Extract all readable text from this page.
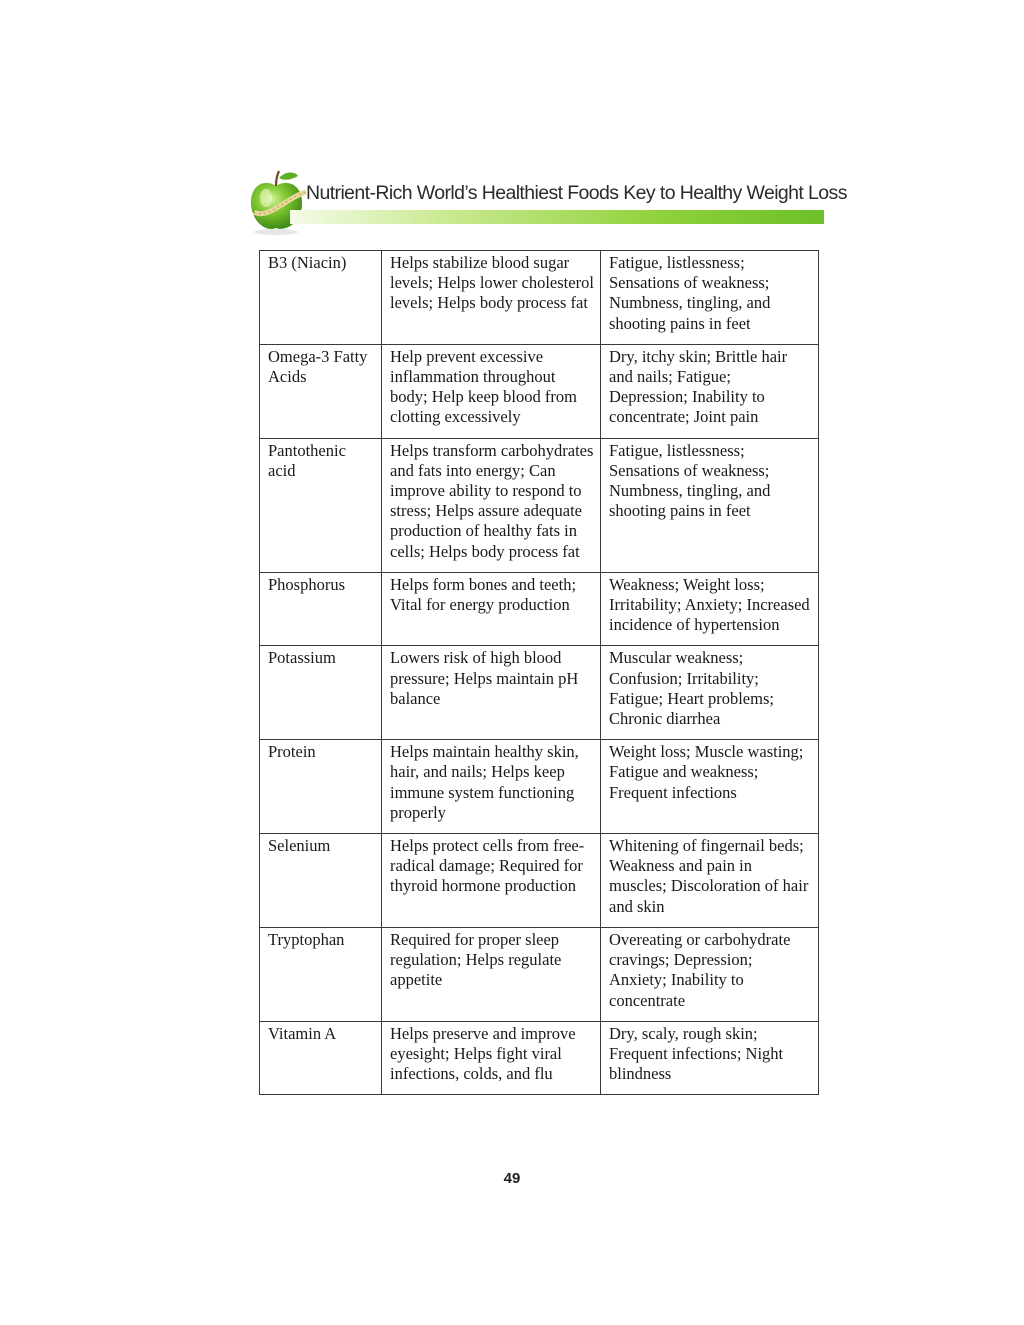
Nutrient-Rich World’s Healthiest Foods Key to Healthy Weight Loss
B3 (Niacin)	Helps stabilize blood sugar levels; Helps lower cholesterol levels; Helps body process fat	Fatigue, listlessness; Sensations of weakness; Numbness, tingling, and shooting pains in feet
Omega-3 Fatty Acids	Help prevent excessive inflammation throughout body; Help keep blood from clotting excessively	Dry, itchy skin; Brittle hair and nails; Fatigue; Depression; Inability to concentrate; Joint pain
Pantothenic acid	Helps transform carbohydrates and fats into energy; Can improve ability to respond to stress; Helps assure adequate production of healthy fats in cells; Helps body process fat	Fatigue, listlessness; Sensations of weakness; Numbness, tingling, and shooting pains in feet
Phosphorus	Helps form bones and teeth; Vital for energy production	Weakness; Weight loss; Irritability; Anxiety; Increased incidence of hypertension
Potassium	Lowers risk of high blood pressure; Helps maintain pH balance	Muscular weakness; Confusion; Irritability; Fatigue; Heart problems; Chronic diarrhea
Protein	Helps maintain healthy skin, hair, and nails; Helps keep immune system functioning properly	Weight loss; Muscle wasting; Fatigue and weakness; Frequent infections
Selenium	Helps protect cells from free-radical damage; Required for thyroid hormone production	Whitening of fingernail beds; Weakness and pain in muscles; Discoloration of hair and skin
Tryptophan	Required for proper sleep regulation; Helps regulate appetite	Overeating or carbohydrate cravings; Depression; Anxiety; Inability to concentrate
Vitamin A	Helps preserve and improve eyesight; Helps fight viral infections, colds, and flu	Dry, scaly, rough skin; Frequent infections; Night blindness
49
